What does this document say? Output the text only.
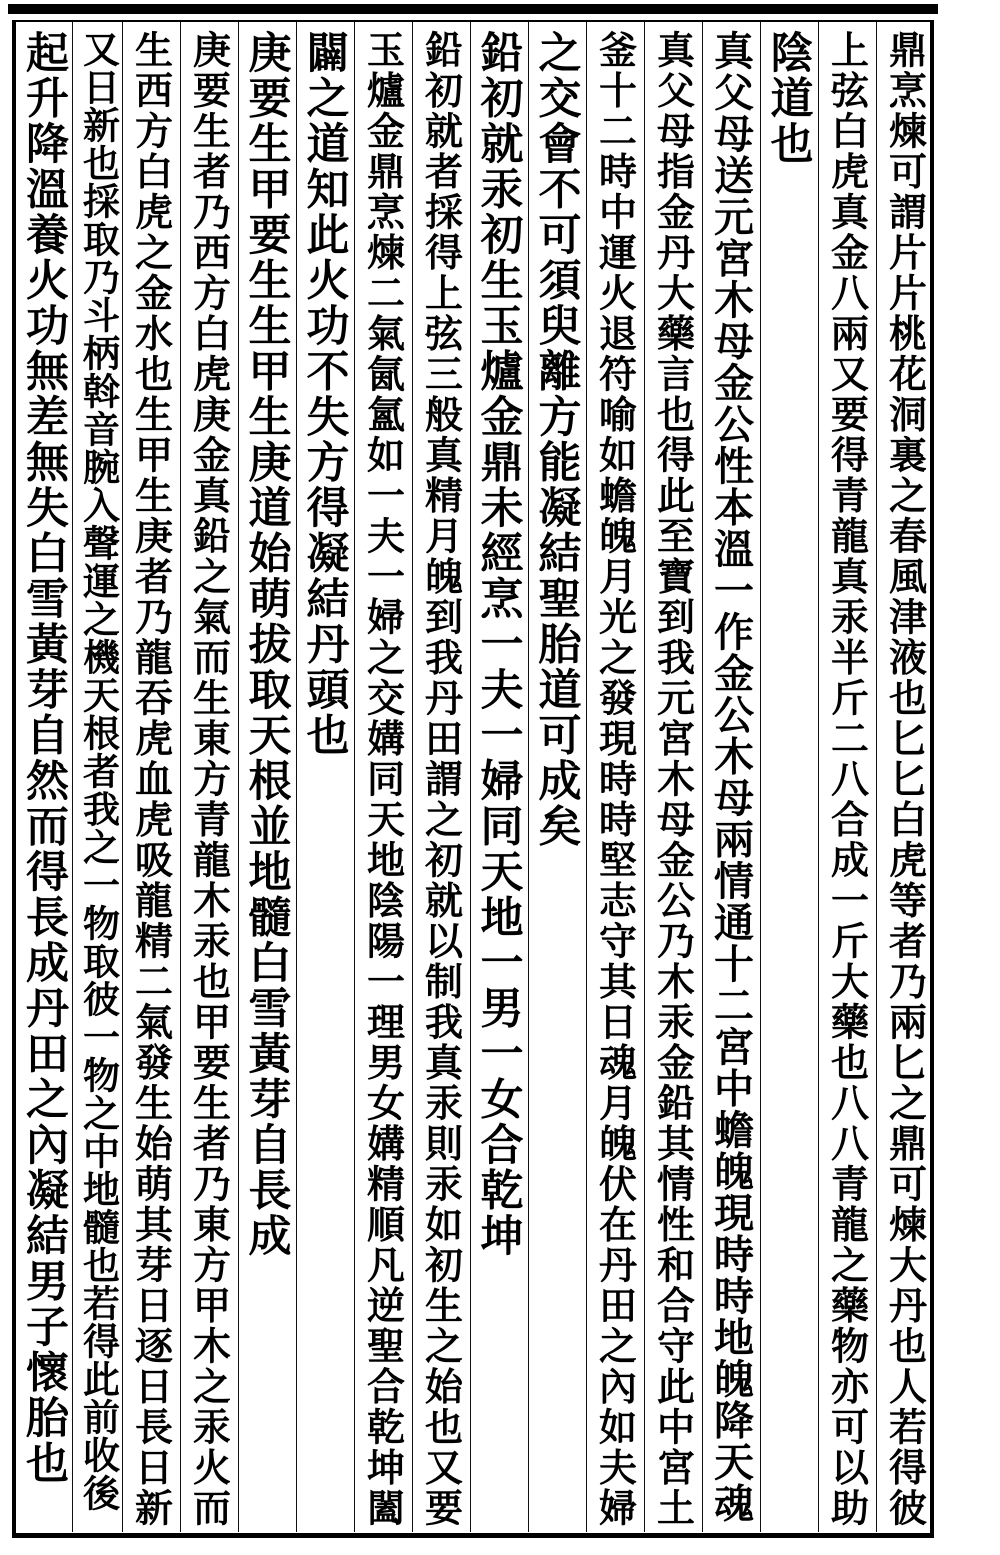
鼎烹煉可謂片片桃花洞裏之春風津液也匕匕白虎等者乃兩匕之鼎可煉大丹也人若得彼
上弦白虎真金八兩又要得青龍真汞半斤二八合成一斤大藥也八八青龍之藥物亦可以助
陰道也
真父母送元宮木母金公性本溫一作金公木母兩情通十二宮中蟾魄現時時地魄降天魂
真父母指金丹大藥言也得此至寶到我元宮木母金公乃木汞金鉛其情性和合守此中宮土
釜十二時中運火退符喻如蟾魄月光之發現時時堅志守其日魂月魄伏在丹田之內如夫婦
之交會不可須臾離方能凝結聖胎道可成矣
鉛初就汞初生玉爐金鼎未經烹一夫一婦同天地一男一女合乾坤
鉛初就者採得上弦三般真精月魄到我丹田謂之初就以制我真汞則汞如初生之始也又要
玉爐金鼎烹煉二氣氤氳如一夫一婦之交媾同天地陰陽一理男女媾精順凡逆聖合乾坤闔
闢之道知此火功不失方得凝結丹頭也
庚要生甲要生生甲生庚道始萌拔取天根並地髓白雪黃芽自長成
庚要生者乃西方白虎庚金真鉛之氣而生東方青龍木汞也甲要生者乃東方甲木之汞火而
生西方白虎之金水也生甲生庚者乃龍吞虎血虎吸龍精二氣發生始萌其芽日逐日長日新
又日新也採取乃斗柄斡音腕入聲運之機天根者我之一物取彼一物之中地髓也若得此前收後
起升降溫養火功無差無失白雪黃芽自然而得長成丹田之內凝結男子懷胎也
